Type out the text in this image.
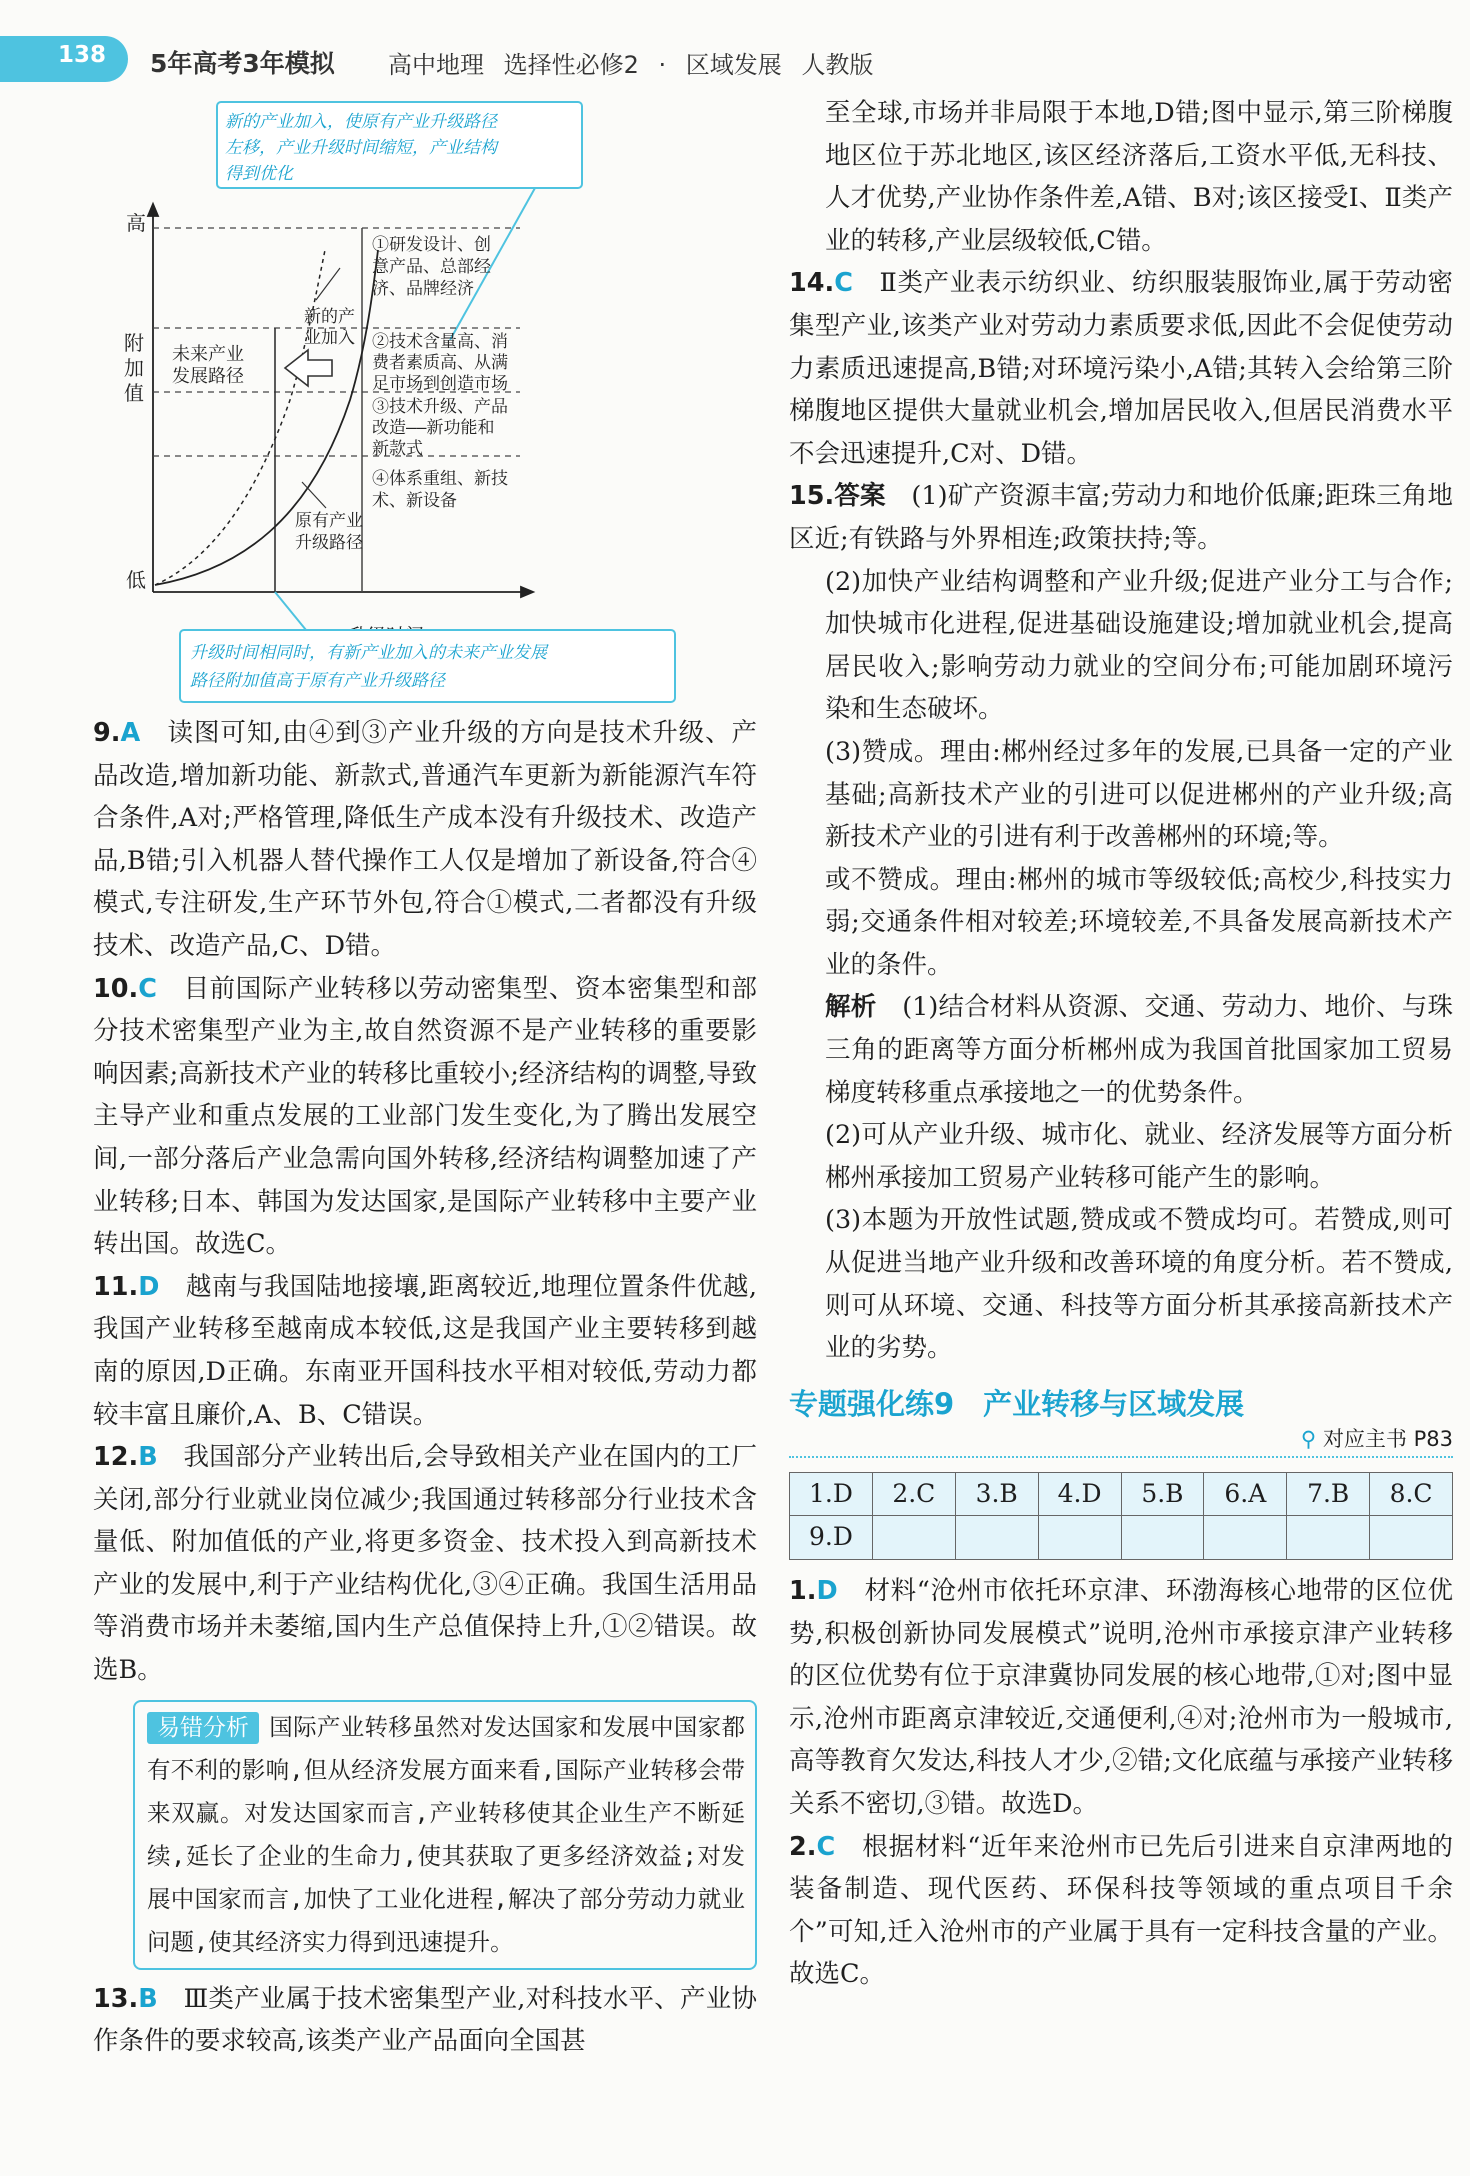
138 5年高考3年模拟 高中地理 选择性必修2 · 区域发展 人教版
新的产业加入，使原有产业升级路径 左移，产业升级时间缩短，产业结构 得到优化
高
附 加 值
低
新的产 业加入
未来产业 发展路径
原有产业 升级路径
①研发设计、创 意产品、总部经 济、品牌经济
②技术含量高、消 费者素质高、从满 足市场到创造市场
③技术升级、产品 改造——新功能和 新款式
④体系重组、新技 术、新设备
升级时间相同时，有新产业加入的未来产业发展 路径附加值高于原有产业升级路径
9.A　 读图可知,由④到③产业升级的方向是技术升级、产品改造,增加新功能、新款式,普通汽车更新为新能源汽车符合条件,A对;严格管理,降低生产成本没有升级技术、改造产品,B错;引入机器人替代操作工人仅是增加了新设备,符合④模式,专注研发,生产环节外包,符合①模式,二者都没有升级技术、改造产品,C、D错。
10.C　 目前国际产业转移以劳动密集型、资本密集型和部分技术密集型产业为主,故自然资源不是产业转移的重要影响因素;高新技术产业的转移比重较小;经济结构的调整,导致主导产业和重点发展的工业部门发生变化,为了腾出发展空间,一部分落后产业急需向国外转移,经济结构调整加速了产业转移;日本、韩国为发达国家,是国际产业转移中主要产业转出国。故选C。
11.D　 越南与我国陆地接壤,距离较近,地理位置条件优越,我国产业转移至越南成本较低,这是我国产业主要转移到越南的原因,D正确。东南亚开国科技水平相对较低,劳动力都较丰富且廉价,A、B、C错误。
12.B　 我国部分产业转出后,会导致相关产业在国内的工厂关闭,部分行业就业岗位减少;我国通过转移部分行业技术含量低、附加值低的产业,将更多资金、技术投入到高新技术产业的发展中,利于产业结构优化,③④正确。我国生活用品等消费市场并未萎缩,国内生产总值保持上升,①②错误。故选B。
易错分析 国际产业转移虽然对发达国家和发展中国家都有不利的影响,但从经济发展方面来看,国际产业转移会带来双赢。对发达国家而言,产业转移使其企业生产不断延续,延长了企业的生命力,使其获取了更多经济效益;对发展中国家而言,加快了工业化进程,解决了部分劳动力就业问题,使其经济实力得到迅速提升。
13.B　 Ⅲ类产业属于技术密集型产业,对科技水平、产业协作条件的要求较高,该类产业产品面向全国甚
至全球,市场并非局限于本地,D错;图中显示,第三阶梯腹地区位于苏北地区,该区经济落后,工资水平低,无科技、人才优势,产业协作条件差,A错、B对;该区接受Ⅰ、Ⅱ类产业的转移,产业层级较低,C错。
14.C　 Ⅱ类产业表示纺织业、纺织服装服饰业,属于劳动密集型产业,该类产业对劳动力素质要求低,因此不会促使劳动力素质迅速提高,B错;对环境污染小,A错;其转入会给第三阶梯腹地区提供大量就业机会,增加居民收入,但居民消费水平不会迅速提升,C对、D错。
15.答案　 (1)矿产资源丰富;劳动力和地价低廉;距珠三角地区近;有铁路与外界相连;政策扶持;等。
(2)加快产业结构调整和产业升级;促进产业分工与合作;加快城市化进程,促进基础设施建设;增加就业机会,提高居民收入;影响劳动力就业的空间分布;可能加剧环境污染和生态破坏。
(3)赞成。理由:郴州经过多年的发展,已具备一定的产业基础;高新技术产业的引进可以促进郴州的产业升级;高新技术产业的引进有利于改善郴州的环境;等。
或不赞成。理由:郴州的城市等级较低;高校少,科技实力弱;交通条件相对较差;环境较差,不具备发展高新技术产业的条件。
解析　 (1)结合材料从资源、交通、劳动力、地价、与珠三角的距离等方面分析郴州成为我国首批国家加工贸易梯度转移重点承接地之一的优势条件。
(2)可从产业升级、城市化、就业、经济发展等方面分析郴州承接加工贸易产业转移可能产生的影响。
(3)本题为开放性试题,赞成或不赞成均可。若赞成,则可从促进当地产业升级和改善环境的角度分析。若不赞成,则可从环境、交通、科技等方面分析其承接高新技术产业的劣势。
专题强化练9　产业转移与区域发展
⚲ 对应主书 P83
1.D	2.C	3.B	4.D	5.B	6.A	7.B	8.C
9.D							
1.D　 材料“沧州市依托环京津、环渤海核心地带的区位优势,积极创新协同发展模式”说明,沧州市承接京津产业转移的区位优势有位于京津冀协同发展的核心地带,①对;图中显示,沧州市距离京津较近,交通便利,④对;沧州市为一般城市,高等教育欠发达,科技人才少,②错;文化底蕴与承接产业转移关系不密切,③错。故选D。
2.C　 根据材料“近年来沧州市已先后引进来自京津两地的装备制造、现代医药、环保科技等领域的重点项目千余个”可知,迁入沧州市的产业属于具有一定科技含量的产业。故选C。
